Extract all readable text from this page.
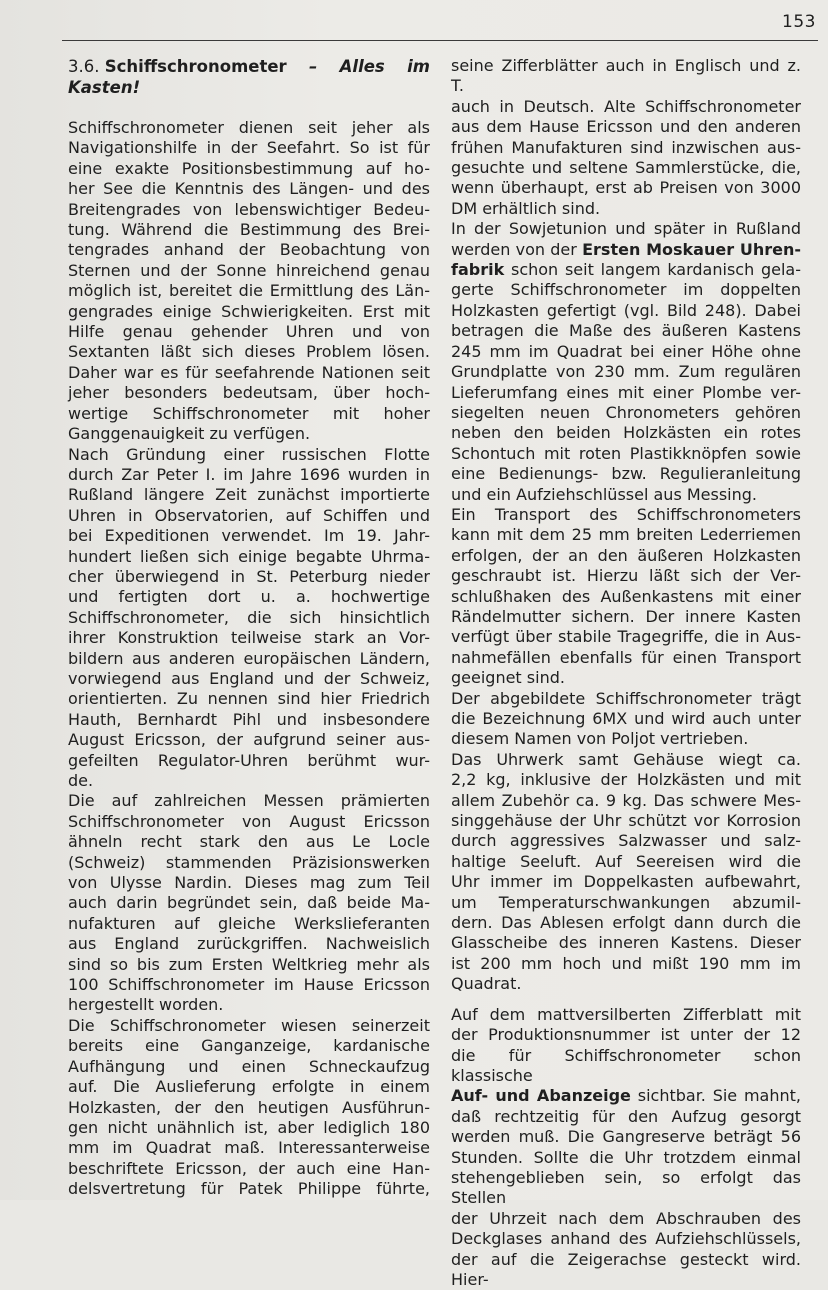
153
3.6. Schiffschronometer – Alles im
Kasten!
Schiffschronometer dienen seit jeher als
Navigationshilfe in der Seefahrt. So ist für
eine exakte Positionsbestimmung auf ho-
her See die Kenntnis des Längen- und des
Breitengrades von lebenswichtiger Bedeu-
tung. Während die Bestimmung des Brei-
tengrades anhand der Beobachtung von
Sternen und der Sonne hinreichend genau
möglich ist, bereitet die Ermittlung des Län-
gengrades einige Schwierigkeiten. Erst mit
Hilfe genau gehender Uhren und von
Sextanten läßt sich dieses Problem lösen.
Daher war es für seefahrende Nationen seit
jeher besonders bedeutsam, über hoch-
wertige Schiffschronometer mit hoher
Ganggenauigkeit zu verfügen.
Nach Gründung einer russischen Flotte
durch Zar Peter I. im Jahre 1696 wurden in
Rußland längere Zeit zunächst importierte
Uhren in Observatorien, auf Schiffen und
bei Expeditionen verwendet. Im 19. Jahr-
hundert ließen sich einige begabte Uhrma-
cher überwiegend in St. Peterburg nieder
und fertigten dort u. a. hochwertige
Schiffschronometer, die sich hinsichtlich
ihrer Konstruktion teilweise stark an Vor-
bildern aus anderen europäischen Ländern,
vorwiegend aus England und der Schweiz,
orientierten. Zu nennen sind hier Friedrich
Hauth, Bernhardt Pihl und insbesondere
August Ericsson, der aufgrund seiner aus-
gefeilten Regulator-Uhren berühmt wur-
de.
Die auf zahlreichen Messen prämierten
Schiffschronometer von August Ericsson
ähneln recht stark den aus Le Locle
(Schweiz) stammenden Präzisionswerken
von Ulysse Nardin. Dieses mag zum Teil
auch darin begründet sein, daß beide Ma-
nufakturen auf gleiche Werkslieferanten
aus England zurückgriffen. Nachweislich
sind so bis zum Ersten Weltkrieg mehr als
100 Schiffschronometer im Hause Ericsson
hergestellt worden.
Die Schiffschronometer wiesen seinerzeit
bereits eine Ganganzeige, kardanische
Aufhängung und einen Schneckaufzug
auf. Die Auslieferung erfolgte in einem
Holzkasten, der den heutigen Ausführun-
gen nicht unähnlich ist, aber lediglich 180
mm im Quadrat maß. Interessanterweise
beschriftete Ericsson, der auch eine Han-
delsvertretung für Patek Philippe führte,
seine Zifferblätter auch in Englisch und z. T.
auch in Deutsch. Alte Schiffschronometer
aus dem Hause Ericsson und den anderen
frühen Manufakturen sind inzwischen aus-
gesuchte und seltene Sammlerstücke, die,
wenn überhaupt, erst ab Preisen von 3000
DM erhältlich sind.
In der Sowjetunion und später in Rußland
werden von der Ersten Moskauer Uhren-
fabrik schon seit langem kardanisch gela-
gerte Schiffschronometer im doppelten
Holzkasten gefertigt (vgl. Bild 248). Dabei
betragen die Maße des äußeren Kastens
245 mm im Quadrat bei einer Höhe ohne
Grundplatte von 230 mm. Zum regulären
Lieferumfang eines mit einer Plombe ver-
siegelten neuen Chronometers gehören
neben den beiden Holzkästen ein rotes
Schontuch mit roten Plastikknöpfen sowie
eine Bedienungs- bzw. Regulieranleitung
und ein Aufziehschlüssel aus Messing.
Ein Transport des Schiffschronometers
kann mit dem 25 mm breiten Lederriemen
erfolgen, der an den äußeren Holzkasten
geschraubt ist. Hierzu läßt sich der Ver-
schlußhaken des Außenkastens mit einer
Rändelmutter sichern. Der innere Kasten
verfügt über stabile Tragegriffe, die in Aus-
nahmefällen ebenfalls für einen Transport
geeignet sind.
Der abgebildete Schiffschronometer trägt
die Bezeichnung 6MX und wird auch unter
diesem Namen von Poljot vertrieben.
Das Uhrwerk samt Gehäuse wiegt ca.
2,2 kg, inklusive der Holzkästen und mit
allem Zubehör ca. 9 kg. Das schwere Mes-
singgehäuse der Uhr schützt vor Korrosion
durch aggressives Salzwasser und salz-
haltige Seeluft. Auf Seereisen wird die
Uhr immer im Doppelkasten aufbewahrt,
um Temperaturschwankungen abzumil-
dern. Das Ablesen erfolgt dann durch die
Glasscheibe des inneren Kastens. Dieser
ist 200 mm hoch und mißt 190 mm im
Quadrat.
Auf dem mattversilberten Zifferblatt mit
der Produktionsnummer ist unter der 12
die für Schiffschronometer schon klassische
Auf- und Abanzeige sichtbar. Sie mahnt,
daß rechtzeitig für den Aufzug gesorgt
werden muß. Die Gangreserve beträgt 56
Stunden. Sollte die Uhr trotzdem einmal
stehengeblieben sein, so erfolgt das Stellen
der Uhrzeit nach dem Abschrauben des
Deckglases anhand des Aufziehschlüssels,
der auf die Zeigerachse gesteckt wird. Hier-
